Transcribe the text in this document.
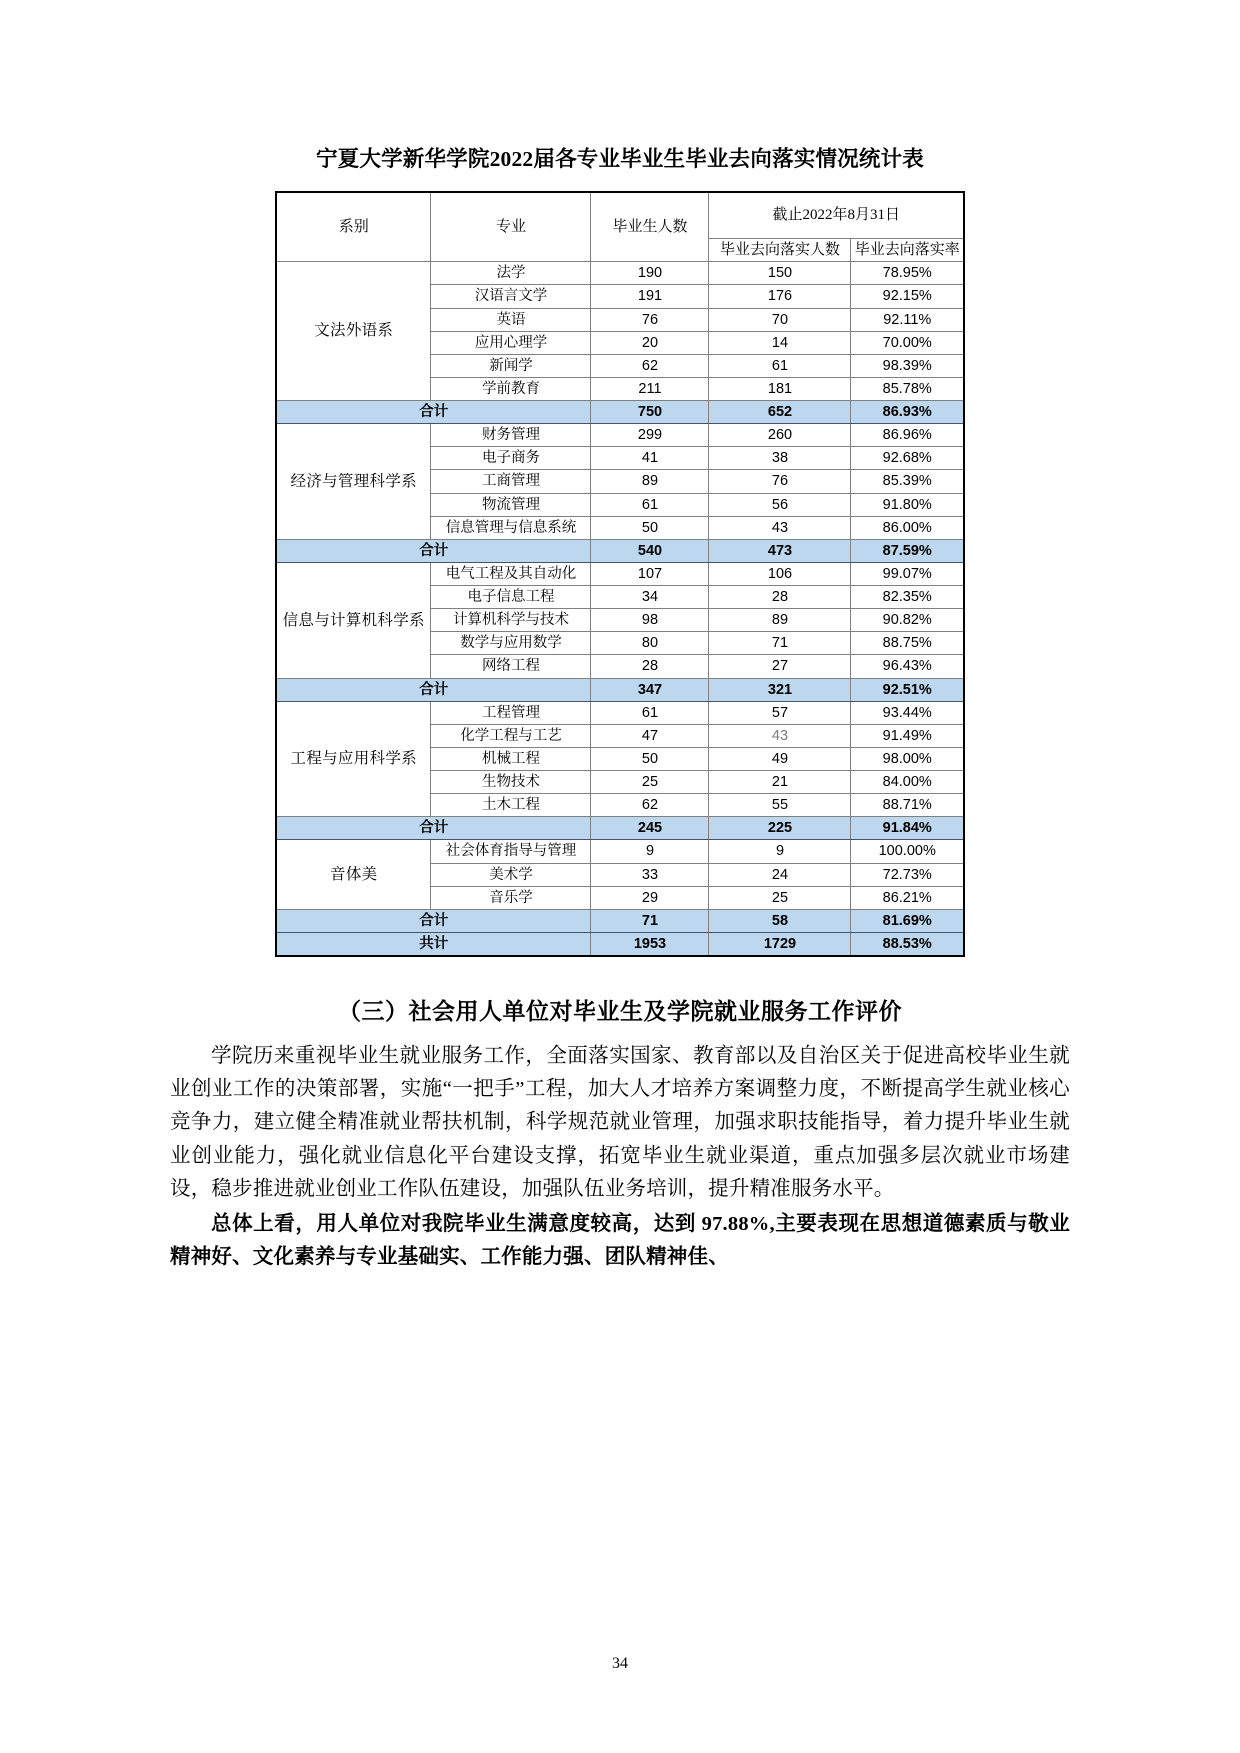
宁夏大学新华学院2022届各专业毕业生毕业去向落实情况统计表
系别	专业	毕业生人数	截止2022年8月31日	
			毕业去向落实人数	毕业去向落实率
文法外语系	法学	190	150	78.95%
	汉语言文学	191	176	92.15%
	英语	76	70	92.11%
	应用心理学	20	14	70.00%
	新闻学	62	61	98.39%
	学前教育	211	181	85.78%
合计		750	652	86.93%
经济与管理科学系	财务管理	299	260	86.96%
	电子商务	41	38	92.68%
	工商管理	89	76	85.39%
	物流管理	61	56	91.80%
	信息管理与信息系统	50	43	86.00%
合计		540	473	87.59%
信息与计算机科学系	电气工程及其自动化	107	106	99.07%
	电子信息工程	34	28	82.35%
	计算机科学与技术	98	89	90.82%
	数学与应用数学	80	71	88.75%
	网络工程	28	27	96.43%
合计		347	321	92.51%
工程与应用科学系	工程管理	61	57	93.44%
	化学工程与工艺	47	43	91.49%
	机械工程	50	49	98.00%
	生物技术	25	21	84.00%
	土木工程	62	55	88.71%
合计		245	225	91.84%
音体美	社会体育指导与管理	9	9	100.00%
	美术学	33	24	72.73%
	音乐学	29	25	86.21%
合计		71	58	81.69%
共计		1953	1729	88.53%
（三）社会用人单位对毕业生及学院就业服务工作评价

学院历来重视毕业生就业服务工作，全面落实国家、教育部以及自治区关于促进高校毕业生就业创业工作的决策部署，实施“一把手”工程，加大人才培养方案调整力度，不断提高学生就业核心竞争力，建立健全精准就业帮扶机制，科学规范就业管理，加强求职技能指导，着力提升毕业生就业创业能力，强化就业信息化平台建设支撑，拓宽毕业生就业渠道，重点加强多层次就业市场建设，稳步推进就业创业工作队伍建设，加强队伍业务培训，提升精准服务水平。

总体上看，用人单位对我院毕业生满意度较高，达到 97.88%,主要表现在思想道德素质与敬业精神好、文化素养与专业基础实、工作能力强、团队精神佳、

34
